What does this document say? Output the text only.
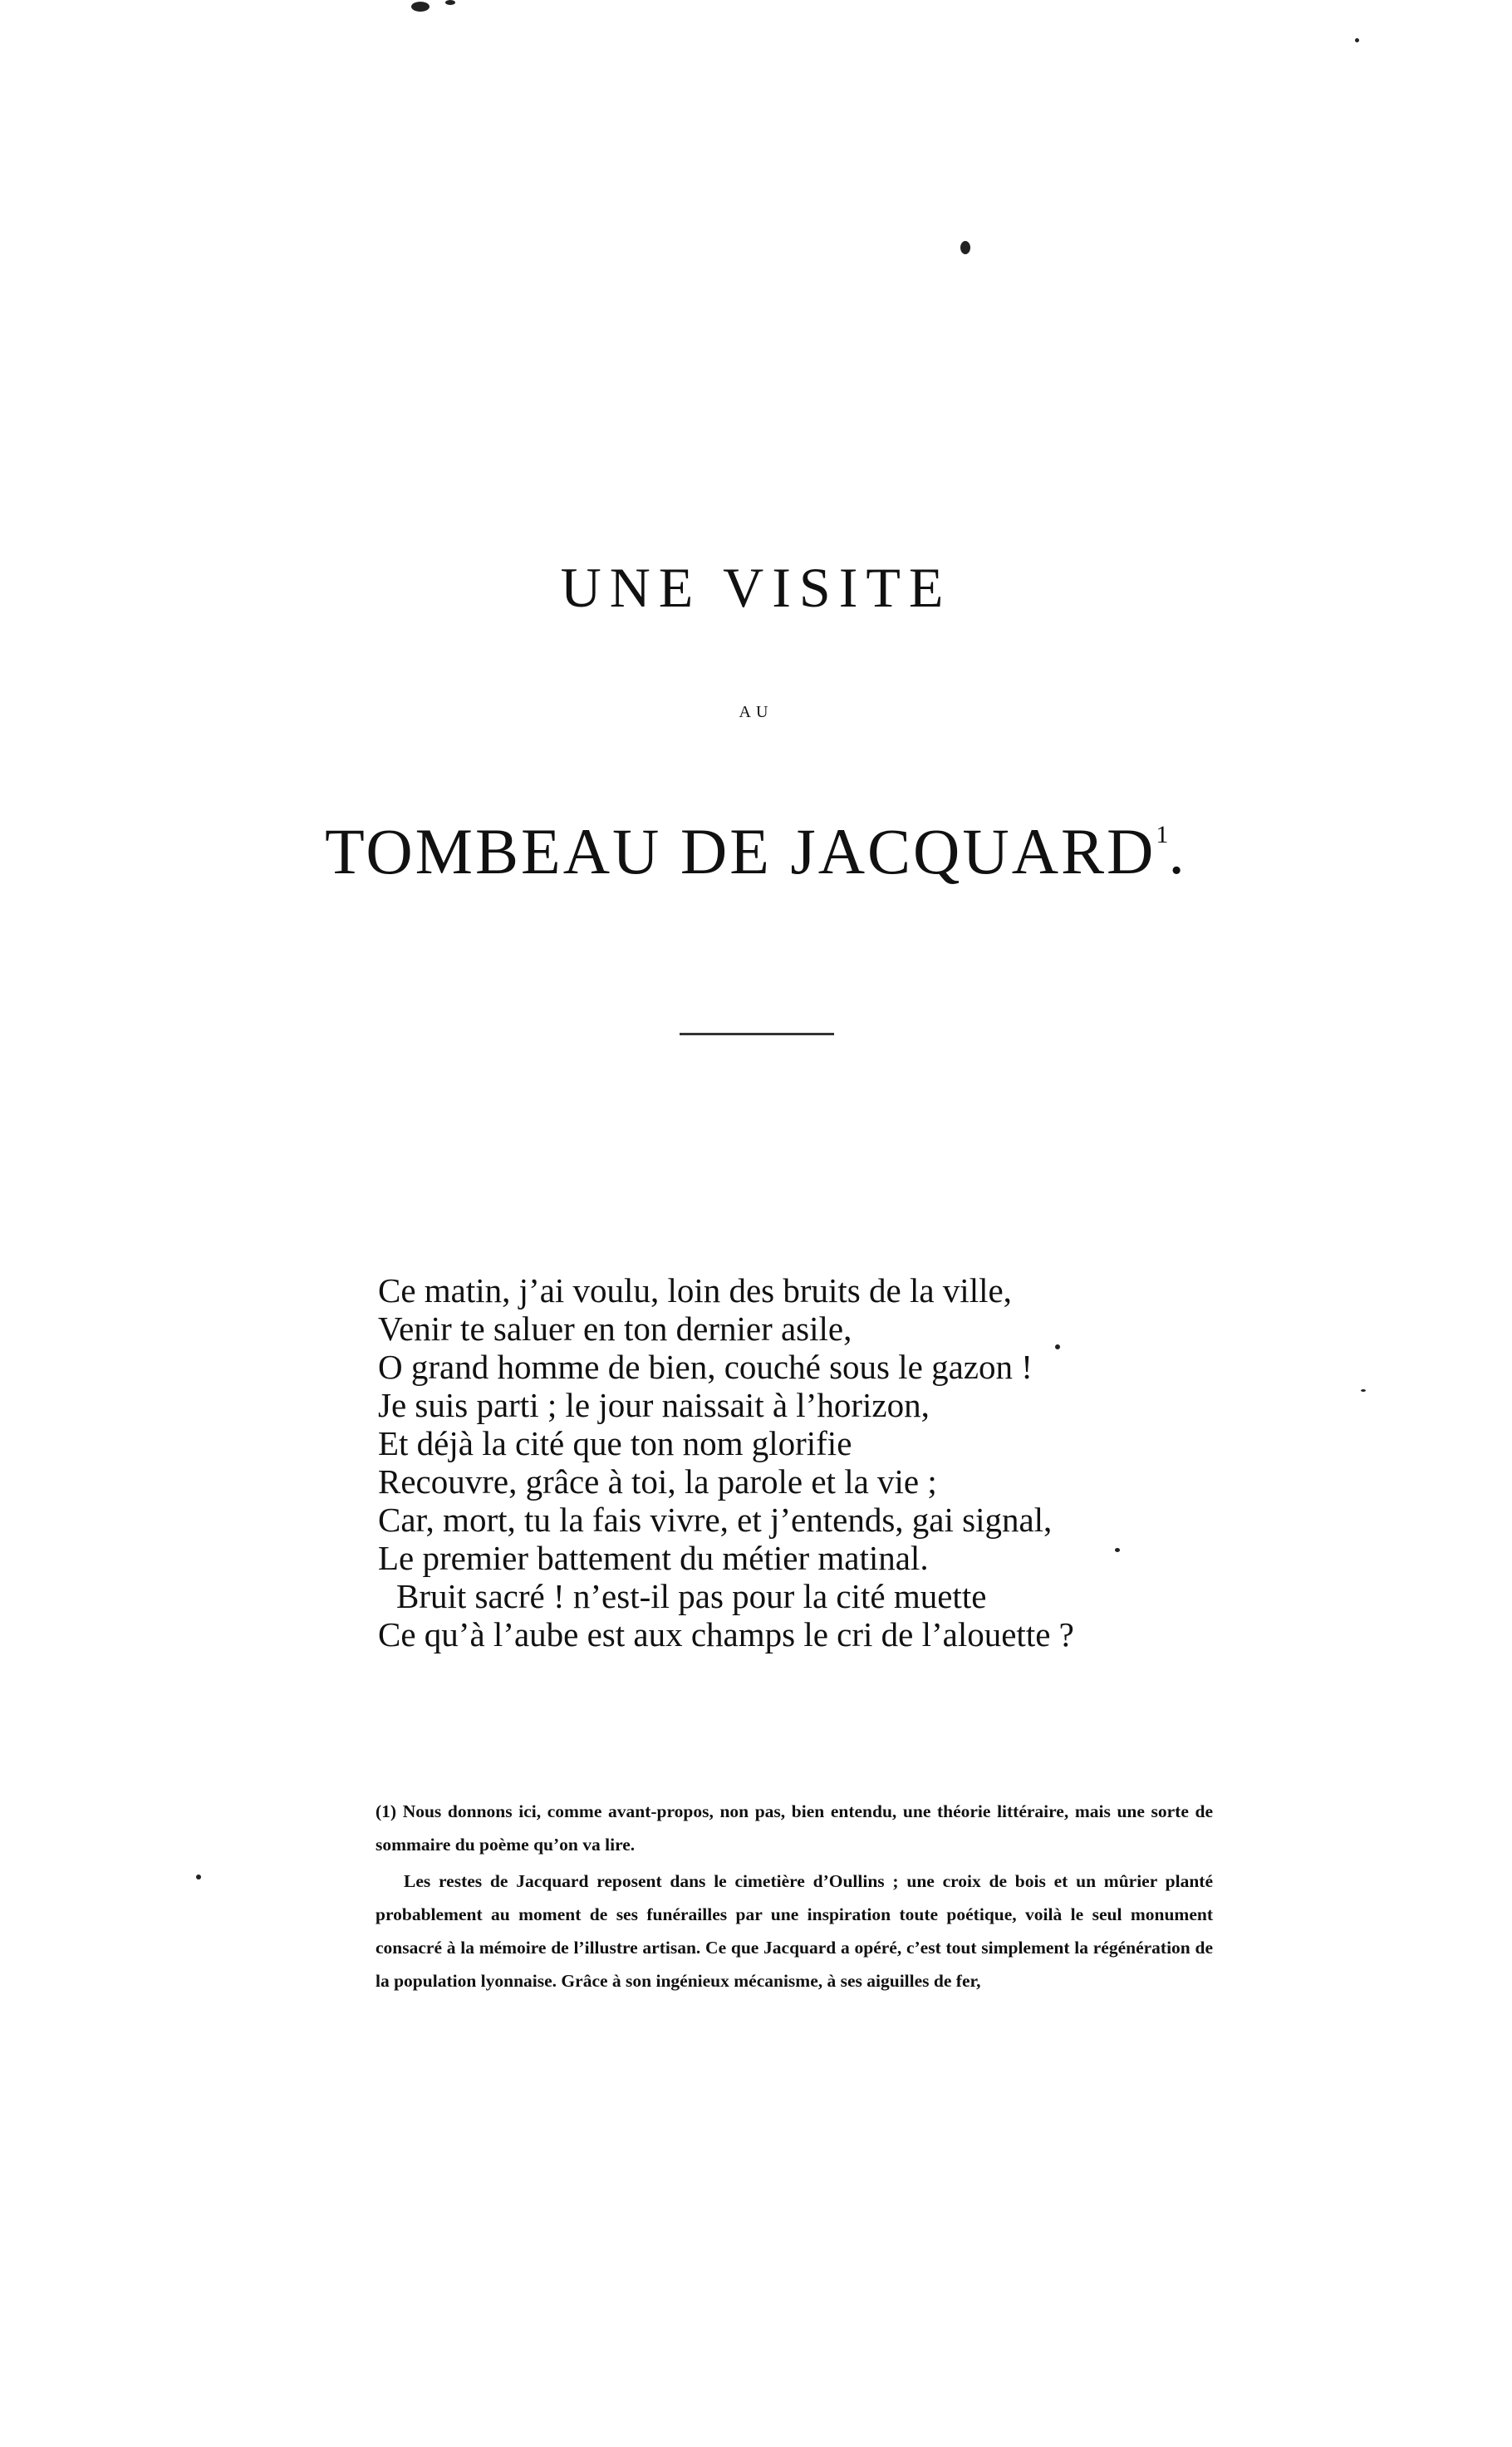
UNE VISITE
AU
TOMBEAU DE JACQUARD$^1$.
Ce matin, j’ai voulu, loin des bruits de la ville,
Venir te saluer en ton dernier asile,
O grand homme de bien, couché sous le gazon !
Je suis parti ; le jour naissait à l’horizon,
Et déjà la cité que ton nom glorifie
Recouvre, grâce à toi, la parole et la vie ;
Car, mort, tu la fais vivre, et j’entends, gai signal,
Le premier battement du métier matinal.
Bruit sacré ! n’est-il pas pour la cité muette
Ce qu’à l’aube est aux champs le cri de l’alouette ?

(1) Nous donnons ici, comme avant-propos, non pas, bien entendu, une théorie littéraire, mais une sorte de sommaire du poème qu’on va lire.

Les restes de Jacquard reposent dans le cimetière d’Oullins ; une croix de bois et un mûrier planté probablement au moment de ses funérailles par une inspiration toute poétique, voilà le seul monument consacré à la mémoire de l’illustre artisan. Ce que Jacquard a opéré, c’est tout simplement la régénération de la population lyonnaise. Grâce à son ingénieux mécanisme, à ses aiguilles de fer,
